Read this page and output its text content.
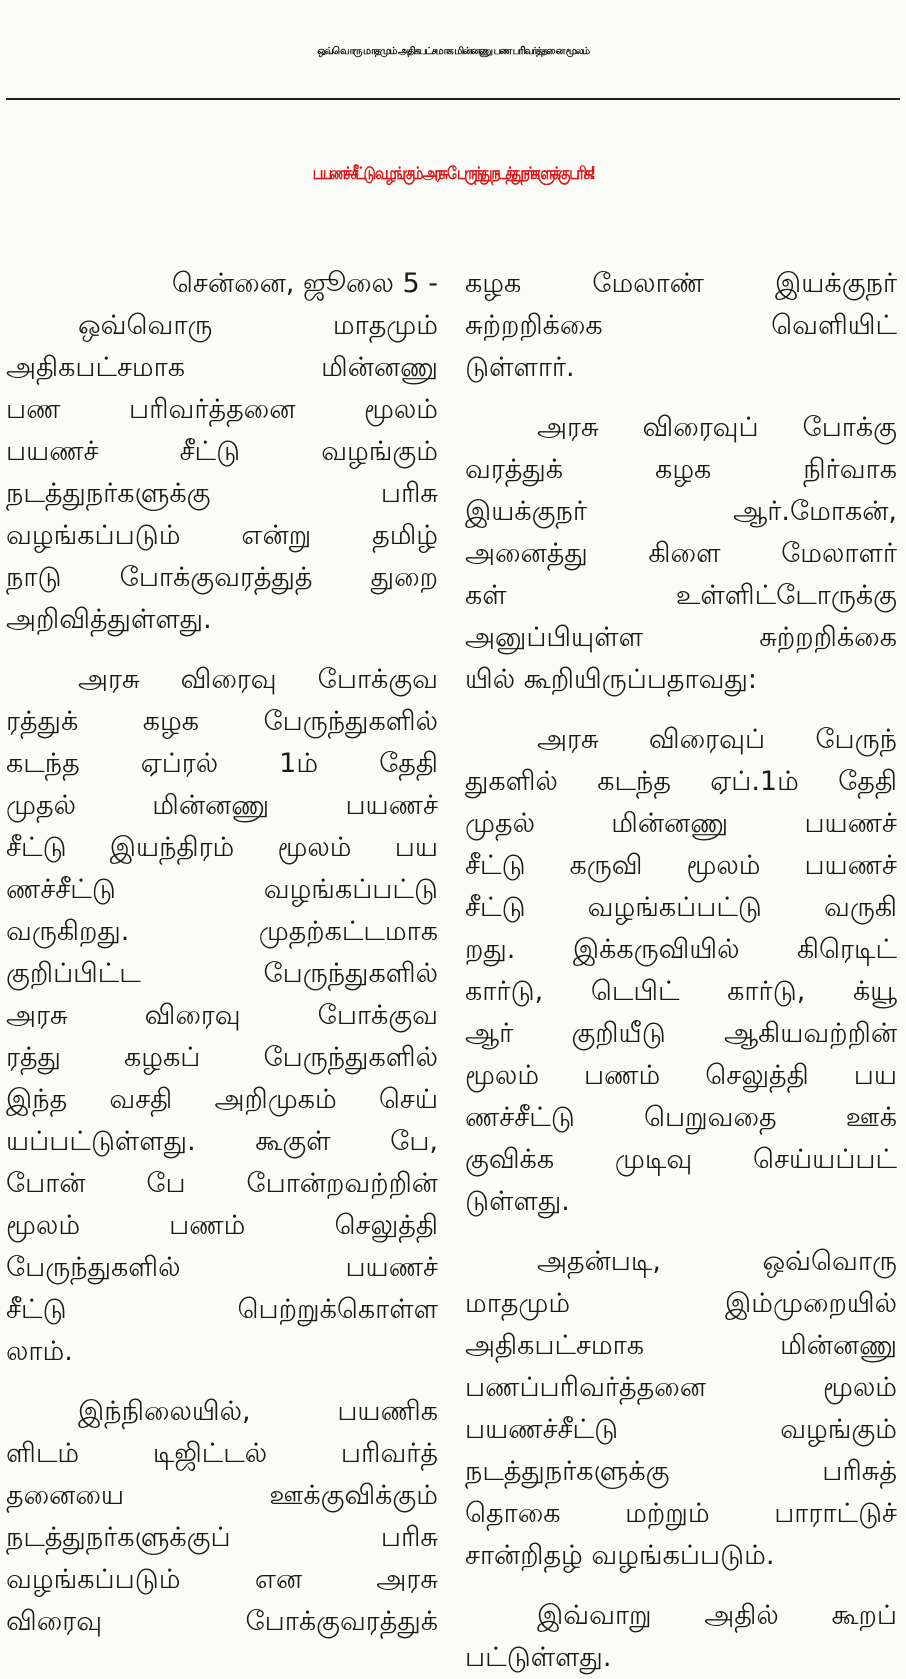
ஒவ்வொரு மாதமும் அதிகபட்சமாக மின்னணு பண பரிவர்த்தனை மூலம்
பயணச் சீட்டு வழங்கும் அரசு பேருந்து நடத்துநர்களுக்கு பரிசு!
சென்னை, ஜூலை 5 -
ஒவ்வொரு மாதமும்
அதிகபட்சமாக மின்னணு
பண பரிவர்த்தனை மூலம்
பயணச் சீட்டு வழங்கும்
நடத்துநர்களுக்கு பரிசு
வழங்கப்படும் என்று தமிழ்
நாடு போக்குவரத்துத் துறை
அறிவித்துள்ளது.
அரசு விரைவு போக்குவ
ரத்துக் கழக பேருந்துகளில்
கடந்த ஏப்ரல் 1ம் தேதி
முதல் மின்னணு பயணச்
சீட்டு இயந்திரம் மூலம் பய
ணச்சீட்டு வழங்கப்பட்டு
வருகிறது. முதற்கட்டமாக
குறிப்பிட்ட பேருந்துகளில்
அரசு விரைவு போக்குவ
ரத்து கழகப் பேருந்துகளில்
இந்த வசதி அறிமுகம் செய்
யப்பட்டுள்ளது. கூகுள் பே,
போன் பே போன்றவற்றின்
மூலம் பணம் செலுத்தி
பேருந்துகளில் பயணச்
சீட்டு பெற்றுக்கொள்ள
லாம்.
இந்நிலையில், பயணிக
ளிடம் டிஜிட்டல் பரிவர்த்
தனையை ஊக்குவிக்கும்
நடத்துநர்களுக்குப் பரிசு
வழங்கப்படும் என அரசு
விரைவு போக்குவரத்துக்
கழக மேலாண் இயக்குநர்
சுற்றறிக்கை வெளியிட்
டுள்ளார்.
அரசு விரைவுப் போக்கு
வரத்துக் கழக நிர்வாக
இயக்குநர் ஆர்.மோகன்,
அனைத்து கிளை மேலாளர்
கள் உள்ளிட்டோருக்கு
அனுப்பியுள்ள சுற்றறிக்கை
யில் கூறியிருப்பதாவது:
அரசு விரைவுப் பேருந்
துகளில் கடந்த ஏப்.1ம் தேதி
முதல் மின்னணு பயணச்
சீட்டு கருவி மூலம் பயணச்
சீட்டு வழங்கப்பட்டு வருகி
றது. இக்கருவியில் கிரெடிட்
கார்டு, டெபிட் கார்டு, க்யூ
ஆர் குறியீடு ஆகியவற்றின்
மூலம் பணம் செலுத்தி பய
ணச்சீட்டு பெறுவதை ஊக்
குவிக்க முடிவு செய்யப்பட்
டுள்ளது.
அதன்படி, ஒவ்வொரு
மாதமும் இம்முறையில்
அதிகபட்சமாக மின்னணு
பணப்பரிவர்த்தனை மூலம்
பயணச்சீட்டு வழங்கும்
நடத்துநர்களுக்கு பரிசுத்
தொகை மற்றும் பாராட்டுச்
சான்றிதழ் வழங்கப்படும்.
இவ்வாறு அதில் கூறப்
பட்டுள்ளது.
